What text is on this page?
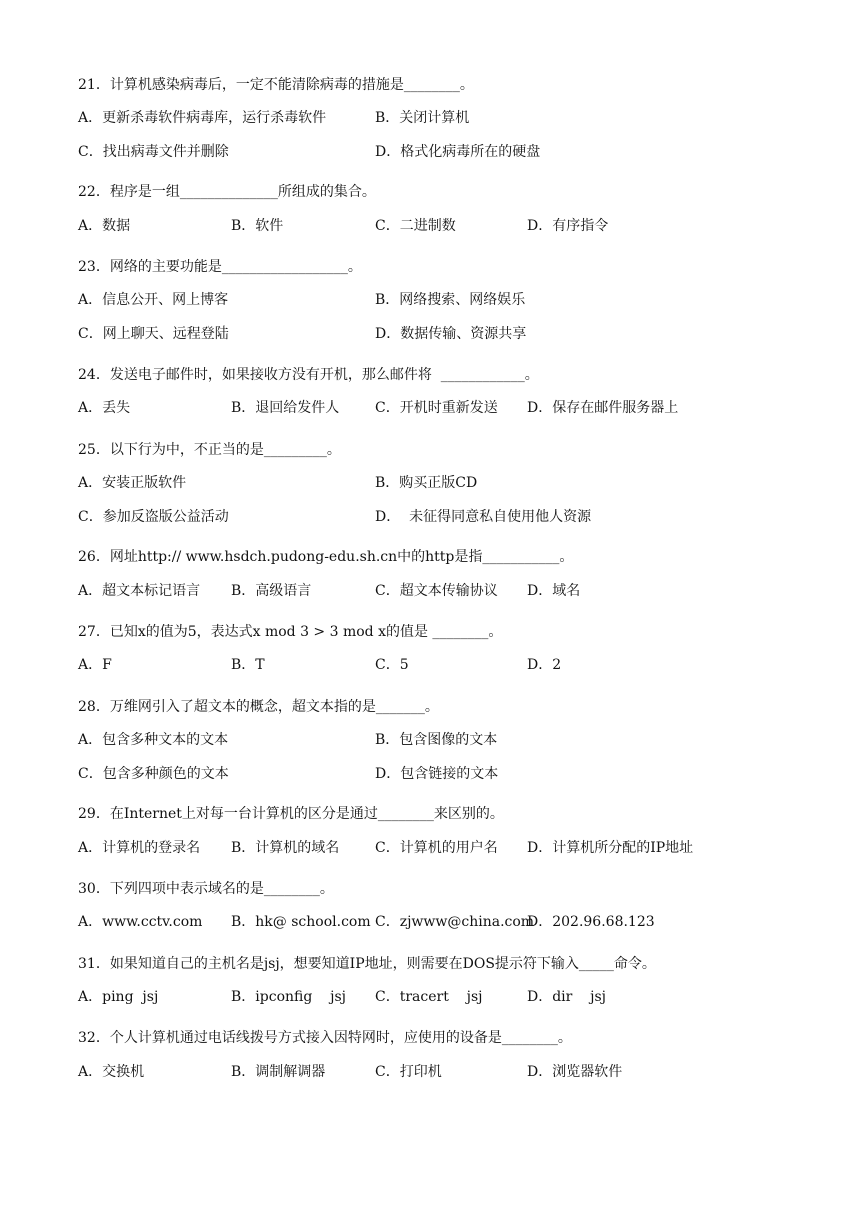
21．计算机感染病毒后，一定不能清除病毒的措施是________。

A．更新杀毒软件病毒库，运行杀毒软件

	B．关闭计算机

C．找出病毒文件并删除

	D．格式化病毒所在的硬盘

22．程序是一组______________所组成的集合。

A．数据

	B．软件

	C．二进制数

	D．有序指令

23．网络的主要功能是__________________。

A．信息公开、网上博客

	B．网络搜索、网络娱乐

C．网上聊天、远程登陆

	D．数据传输、资源共享

24．发送电子邮件时，如果接收方没有开机，那么邮件将  ____________。

A．丢失

	B．退回给发件人

	C．开机时重新发送

D．保存在邮件服务器上

25．以下行为中，不正当的是_________。

A．安装正版软件

	B．购买正版CD

C．参加反盗版公益活动

	D．  未征得同意私自使用他人资源

26．网址http:// www.hsdch.pudong-edu.sh.cn中的http是指___________。

A．超文本标记语言

B．高级语言

	C．超文本传输协议

D．域名

27．已知x的值为5，表达式x mod 3 > 3 mod x的值是 ________。

A．F

	B．T

	C．5

	D．2

28．万维网引入了超文本的概念，超文本指的是_______。

A．包含多种文本的文本

	B．包含图像的文本

C．包含多种颜色的文本

	D．包含链接的文本

29．在Internet上对每一台计算机的区分是通过________来区别的。

A．计算机的登录名

B．计算机的域名

	C．计算机的用户名

D．计算机所分配的IP地址

30．下列四项中表示域名的是________。

A．www.cctv.com

B．hk@ school.com

C．zjwww@china.com

D．202.96.68.123

31．如果知道自己的主机名是jsj，想要知道IP地址，则需要在DOS提示符下输入_____命令。

A．ping  jsj

	B．ipconfig    jsj

C．tracert    jsj

	D．dir    jsj

32．个人计算机通过电话线拨号方式接入因特网时，应使用的设备是________。

A．交换机

	B．调制解调器

	C．打印机

	D．浏览器软件
